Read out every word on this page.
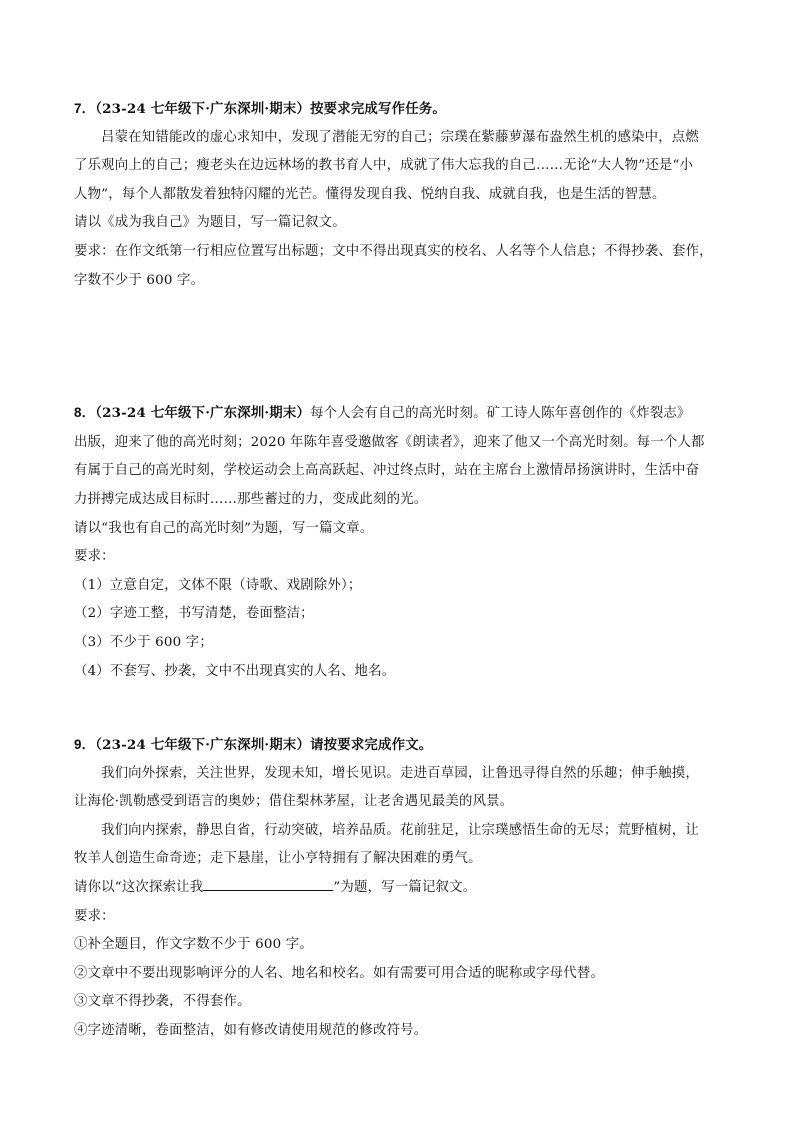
7．（23-24 七年级下·广东深圳·期末）按要求完成写作任务。
吕蒙在知错能改的虚心求知中，发现了潜能无穷的自己；宗璞在紫藤萝瀑布盎然生机的感染中，点燃
了乐观向上的自己；瘦老头在边远林场的教书育人中，成就了伟大忘我的自己……无论“大人物”还是“小
人物”，每个人都散发着独特闪耀的光芒。懂得发现自我、悦纳自我、成就自我，也是生活的智慧。
请以《成为我自己》为题目，写一篇记叙文。
要求：在作文纸第一行相应位置写出标题；文中不得出现真实的校名、人名等个人信息；不得抄袭、套作，
字数不少于 600 字。
8．（23-24 七年级下·广东深圳·期末）每个人会有自己的高光时刻。矿工诗人陈年喜创作的《炸裂志》
出版，迎来了他的高光时刻；2020 年陈年喜受邀做客《朗读者》，迎来了他又一个高光时刻。每一个人都
有属于自己的高光时刻，学校运动会上高高跃起、冲过终点时，站在主席台上激情昂扬演讲时，生活中奋
力拼搏完成达成目标时……那些蓄过的力，变成此刻的光。
请以“我也有自己的高光时刻”为题，写一篇文章。
要求：
（1）立意自定，文体不限（诗歌、戏剧除外）；
（2）字迹工整，书写清楚，卷面整洁；
（3）不少于 600 字；
（4）不套写、抄袭，文中不出现真实的人名、地名。
9．（23-24 七年级下·广东深圳·期末）请按要求完成作文。
我们向外探索，关注世界，发现未知，增长见识。走进百草园，让鲁迅寻得自然的乐趣；伸手触摸，
让海伦·凯勒感受到语言的奥妙；借住梨林茅屋，让老舍遇见最美的风景。
我们向内探索，静思自省，行动突破，培养品质。花前驻足，让宗璞感悟生命的无尽；荒野植树，让
牧羊人创造生命奇迹；走下悬崖，让小亨特拥有了解决困难的勇气。
请你以“这次探索让我	”为题，写一篇记叙文。
要求：
①补全题目，作文字数不少于 600 字。
②文章中不要出现影响评分的人名、地名和校名。如有需要可用合适的昵称或字母代替。
③文章不得抄袭，不得套作。
④字迹清晰，卷面整洁，如有修改请使用规范的修改符号。
